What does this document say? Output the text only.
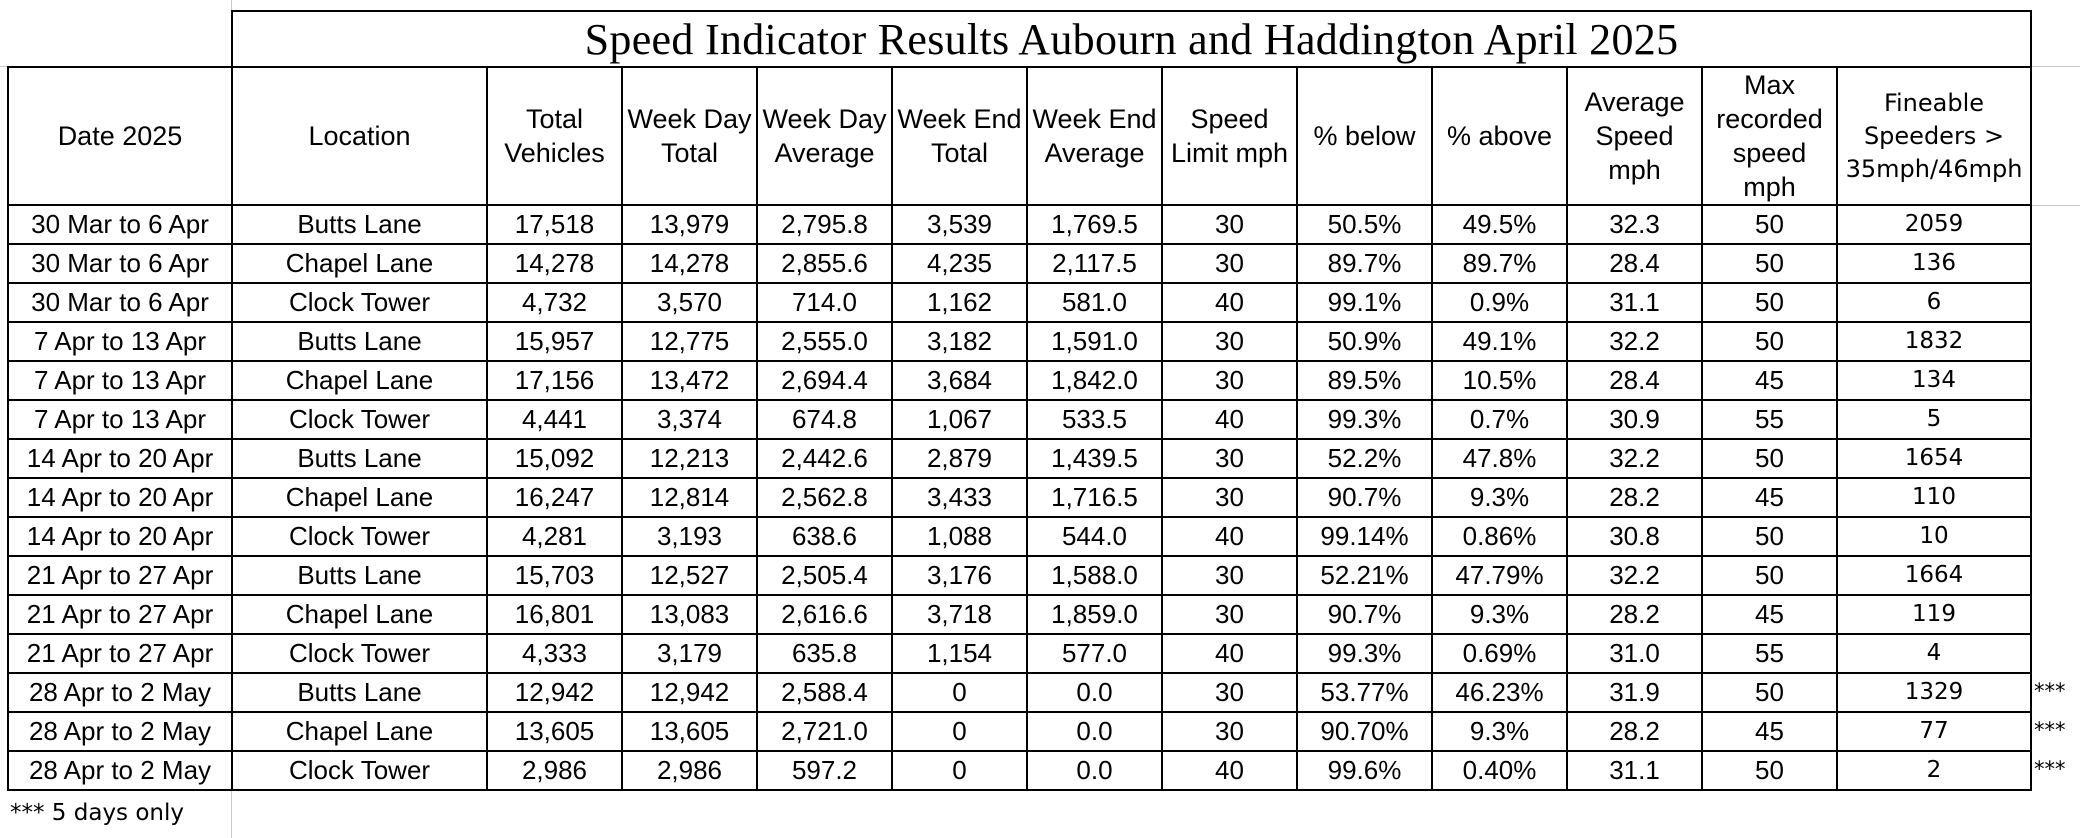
	Speed Indicator Results Aubourn and Haddington April 2025											
Date 2025	Location	Total Vehicles	Week Day Total	Week Day Average	Week End Total	Week End Average	Speed Limit mph	% below	% above	Average Speed mph	Max recorded speed mph	Fineable Speeders > 35mph/46mph
30 Mar to 6 Apr	Butts Lane	17,518	13,979	2,795.8	3,539	1,769.5	30	50.5%	49.5%	32.3	50	2059
30 Mar to 6 Apr	Chapel Lane	14,278	14,278	2,855.6	4,235	2,117.5	30	89.7%	89.7%	28.4	50	136
30 Mar to 6 Apr	Clock Tower	4,732	3,570	714.0	1,162	581.0	40	99.1%	0.9%	31.1	50	6
7 Apr to 13 Apr	Butts Lane	15,957	12,775	2,555.0	3,182	1,591.0	30	50.9%	49.1%	32.2	50	1832
7 Apr to 13 Apr	Chapel Lane	17,156	13,472	2,694.4	3,684	1,842.0	30	89.5%	10.5%	28.4	45	134
7 Apr to 13 Apr	Clock Tower	4,441	3,374	674.8	1,067	533.5	40	99.3%	0.7%	30.9	55	5
14 Apr to 20 Apr	Butts Lane	15,092	12,213	2,442.6	2,879	1,439.5	30	52.2%	47.8%	32.2	50	1654
14 Apr to 20 Apr	Chapel Lane	16,247	12,814	2,562.8	3,433	1,716.5	30	90.7%	9.3%	28.2	45	110
14 Apr to 20 Apr	Clock Tower	4,281	3,193	638.6	1,088	544.0	40	99.14%	0.86%	30.8	50	10
21 Apr to 27 Apr	Butts Lane	15,703	12,527	2,505.4	3,176	1,588.0	30	52.21%	47.79%	32.2	50	1664
21 Apr to 27 Apr	Chapel Lane	16,801	13,083	2,616.6	3,718	1,859.0	30	90.7%	9.3%	28.2	45	119
21 Apr to 27 Apr	Clock Tower	4,333	3,179	635.8	1,154	577.0	40	99.3%	0.69%	31.0	55	4
28 Apr to 2 May	Butts Lane	12,942	12,942	2,588.4	0	0.0	30	53.77%	46.23%	31.9	50	1329
28 Apr to 2 May	Chapel Lane	13,605	13,605	2,721.0	0	0.0	30	90.70%	9.3%	28.2	45	77
28 Apr to 2 May	Clock Tower	2,986	2,986	597.2	0	0.0	40	99.6%	0.40%	31.1	50	2
***
***
***
*** 5 days only
